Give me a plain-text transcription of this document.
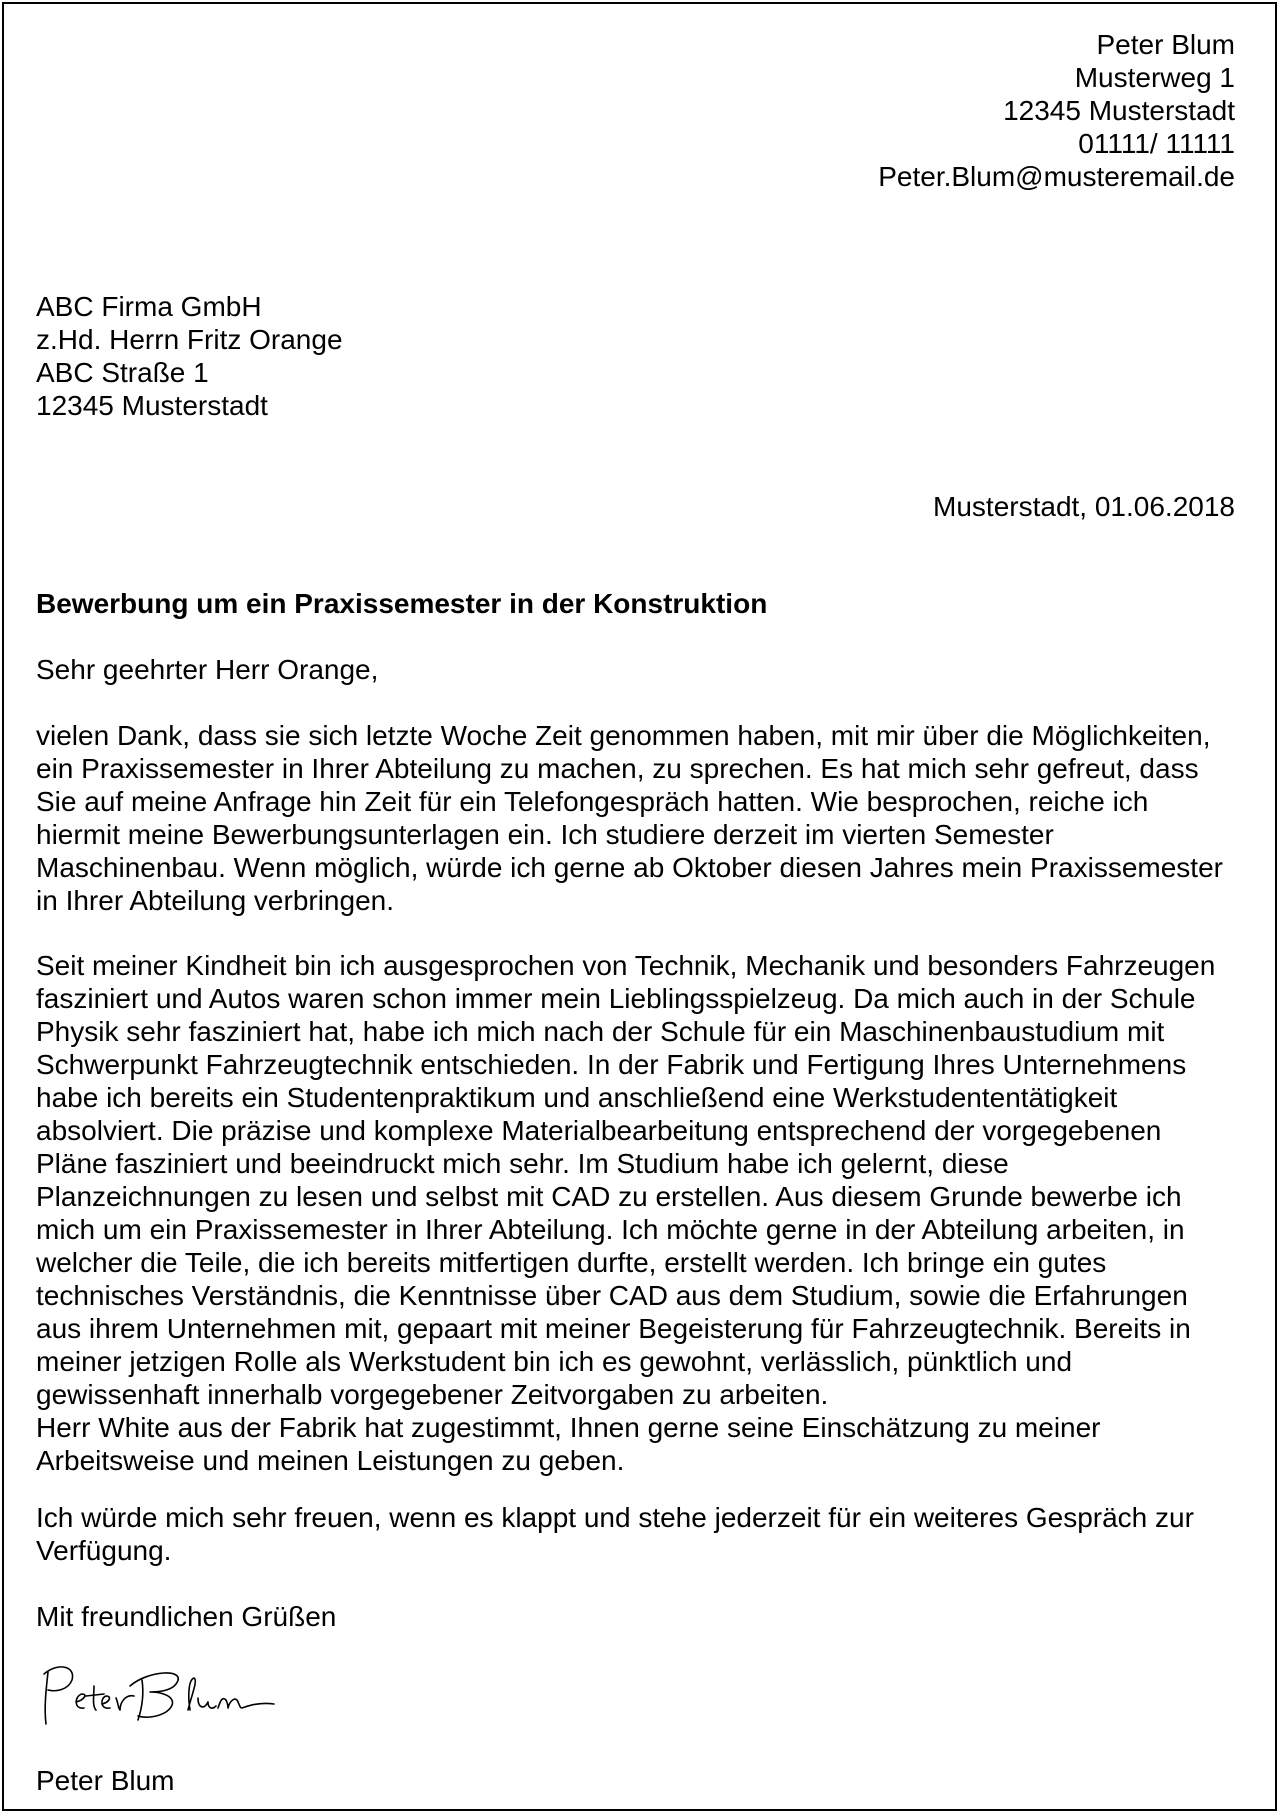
Peter Blum
Musterweg 1
12345 Musterstadt
01111/ 11111
Peter.Blum@musteremail.de
ABC Firma GmbH
z.Hd. Herrn Fritz Orange
ABC Straße 1
12345 Musterstadt
Musterstadt, 01.06.2018
Bewerbung um ein Praxissemester in der Konstruktion
Sehr geehrter Herr Orange,
vielen Dank, dass sie sich letzte Woche Zeit genommen haben, mit mir über die Möglichkeiten,
ein Praxissemester in Ihrer Abteilung zu machen, zu sprechen. Es hat mich sehr gefreut, dass
Sie auf meine Anfrage hin Zeit für ein Telefongespräch hatten. Wie besprochen, reiche ich
hiermit meine Bewerbungsunterlagen ein. Ich studiere derzeit im vierten Semester
Maschinenbau. Wenn möglich, würde ich gerne ab Oktober diesen Jahres mein Praxissemester
in Ihrer Abteilung verbringen.
Seit meiner Kindheit bin ich ausgesprochen von Technik, Mechanik und besonders Fahrzeugen
fasziniert und Autos waren schon immer mein Lieblingsspielzeug. Da mich auch in der Schule
Physik sehr fasziniert hat, habe ich mich nach der Schule für ein Maschinenbaustudium mit
Schwerpunkt Fahrzeugtechnik entschieden. In der Fabrik und Fertigung Ihres Unternehmens
habe ich bereits ein Studentenpraktikum und anschließend eine Werkstudententätigkeit
absolviert. Die präzise und komplexe Materialbearbeitung entsprechend der vorgegebenen
Pläne fasziniert und beeindruckt mich sehr. Im Studium habe ich gelernt, diese
Planzeichnungen zu lesen und selbst mit CAD zu erstellen. Aus diesem Grunde bewerbe ich
mich um ein Praxissemester in Ihrer Abteilung. Ich möchte gerne in der Abteilung arbeiten, in
welcher die Teile, die ich bereits mitfertigen durfte, erstellt werden. Ich bringe ein gutes
technisches Verständnis, die Kenntnisse über CAD aus dem Studium, sowie die Erfahrungen
aus ihrem Unternehmen mit, gepaart mit meiner Begeisterung für Fahrzeugtechnik. Bereits in
meiner jetzigen Rolle als Werkstudent bin ich es gewohnt, verlässlich, pünktlich und
gewissenhaft innerhalb vorgegebener Zeitvorgaben zu arbeiten.
Herr White aus der Fabrik hat zugestimmt, Ihnen gerne seine Einschätzung zu meiner
Arbeitsweise und meinen Leistungen zu geben.
Ich würde mich sehr freuen, wenn es klappt und stehe jederzeit für ein weiteres Gespräch zur
Verfügung.
Mit freundlichen Grüßen
Peter Blum
